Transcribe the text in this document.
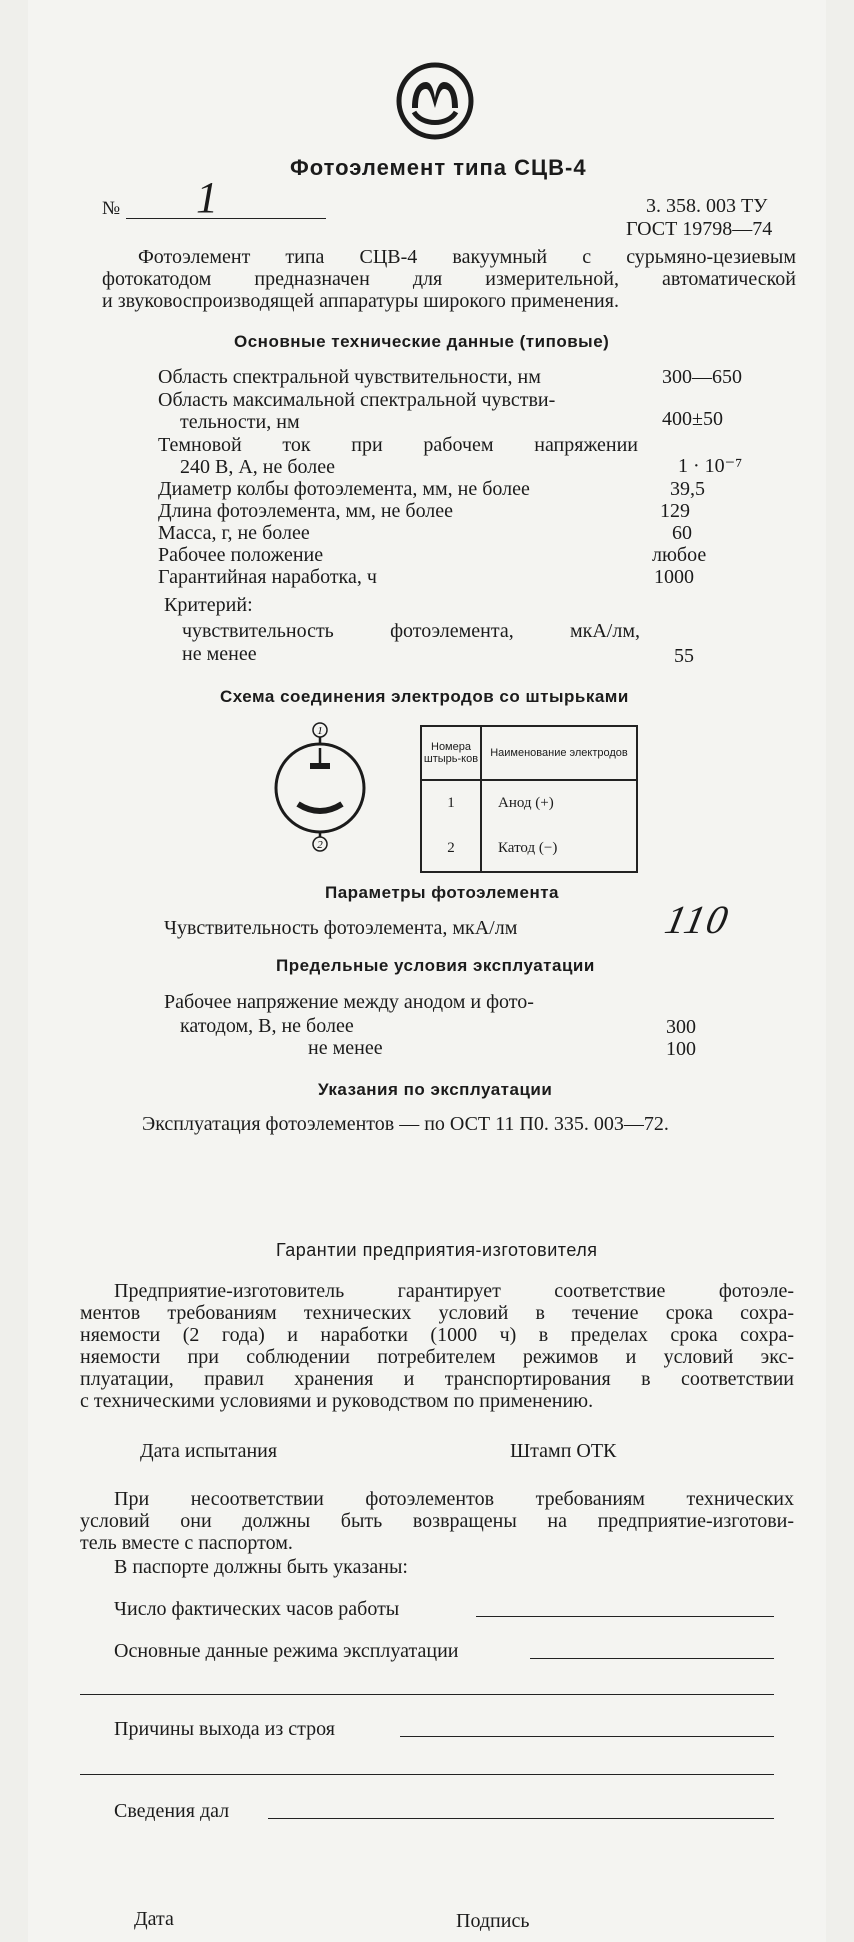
Фотоэлемент типа СЦВ-4
№ 1	3. 358. 003 ТУ
ГОСТ 19798—74
Фотоэлемент типа СЦВ-4 вакуумный с сурьмяно-цезиевым
фотокатодом предназначен для измерительной, автоматической
и звуковоспроизводящей аппаратуры широкого применения.
Основные технические данные (типовые)
Область спектральной чувствительности, нм	300—650
Область максимальной спектральной чувстви-
тельности, нм	400±50
Темновой ток при рабочем напряжении
240 В, А, не более	1 · 10⁻⁷
Диаметр колбы фотоэлемента, мм, не более	39,5
Длина фотоэлемента, мм, не более	129
Масса, г, не более	60
Рабочее положение	любое
Гарантийная наработка, ч	1000
Критерий:
чувствительность фотоэлемента, мкА/лм,
не менее	55
Схема соединения электродов со штырьками
1
2
Номера штырь-ков	Наименование электродов
1	Анод (+)
2	Катод (−)
Параметры фотоэлемента
Чувствительность фотоэлемента, мкА/лм	110
Предельные условия эксплуатации
Рабочее напряжение между анодом и фото-
катодом, В, не более	300
не менее	100
Указания по эксплуатации
Эксплуатация фотоэлементов — по ОСТ 11 П0. 335. 003—72.
Гарантии предприятия-изготовителя
Предприятие-изготовитель гарантирует соответствие фотоэле-
ментов требованиям технических условий в течение срока сохра-
няемости (2 года) и наработки (1000 ч) в пределах срока сохра-
няемости при соблюдении потребителем режимов и условий экс-
плуатации, правил хранения и транспортирования в соответствии
с техническими условиями и руководством по применению.
Дата испытания	Штамп ОТК
При несоответствии фотоэлементов требованиям технических
условий они должны быть возвращены на предприятие-изготови-
тель вместе с паспортом.
В паспорте должны быть указаны:
Число фактических часов работы
Основные данные режима эксплуатации
Причины выхода из строя
Сведения дал
Дата	Подпись
